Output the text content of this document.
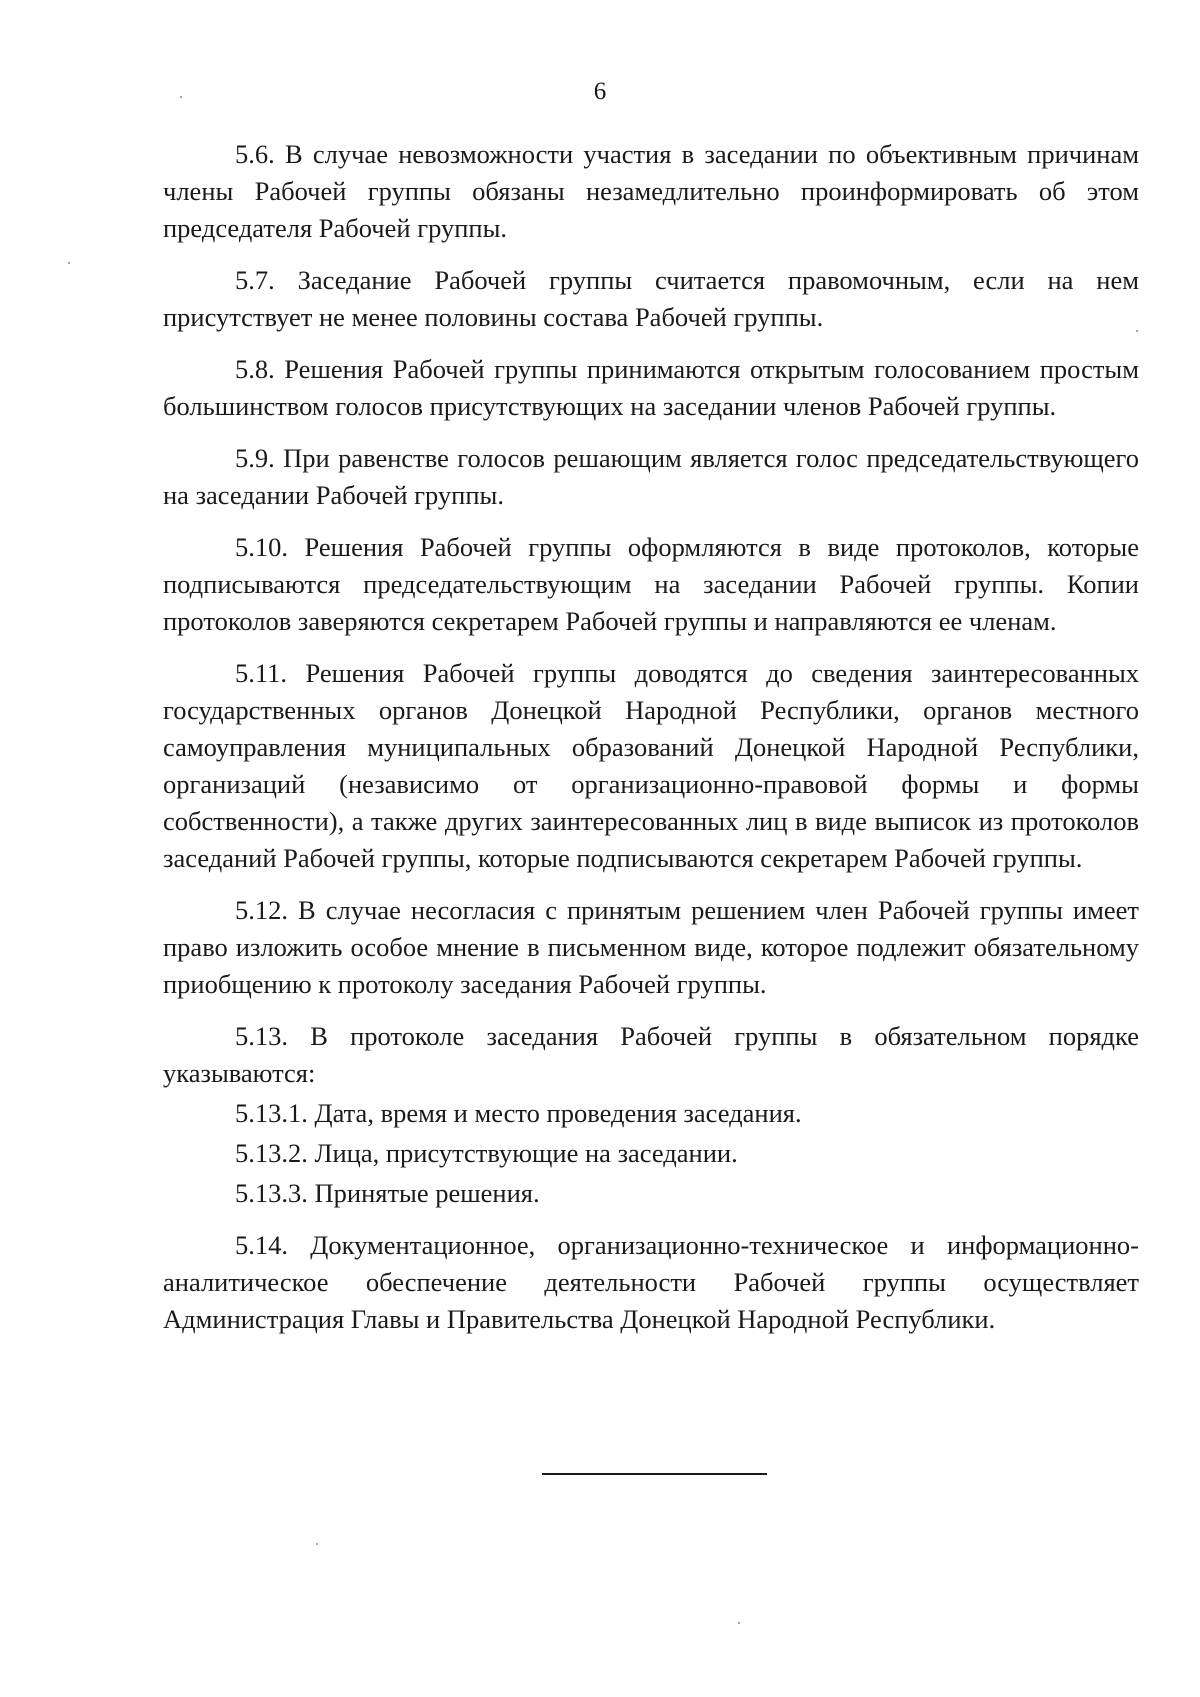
6

5.6. В случае невозможности участия в заседании по объективным причинам члены Рабочей группы обязаны незамедлительно проинформировать об этом председателя Рабочей группы.

5.7. Заседание Рабочей группы считается правомочным, если на нем присутствует не менее половины состава Рабочей группы.

5.8. Решения Рабочей группы принимаются открытым голосованием простым большинством голосов присутствующих на заседании членов Рабочей группы.

5.9. При равенстве голосов решающим является голос председательствующего на заседании Рабочей группы.

5.10. Решения Рабочей группы оформляются в виде протоколов, которые подписываются председательствующим на заседании Рабочей группы. Копии протоколов заверяются секретарем Рабочей группы и направляются ее членам.

5.11. Решения Рабочей группы доводятся до сведения заинтересованных государственных органов Донецкой Народной Республики, органов местного самоуправления муниципальных образований Донецкой Народной Республики, организаций (независимо от организационно-правовой формы и формы собственности), а также других заинтересованных лиц в виде выписок из протоколов заседаний Рабочей группы, которые подписываются секретарем Рабочей группы.

5.12. В случае несогласия с принятым решением член Рабочей группы имеет право изложить особое мнение в письменном виде, которое подлежит обязательному приобщению к протоколу заседания Рабочей группы.

5.13. В протоколе заседания Рабочей группы в обязательном порядке указываются:

5.13.1. Дата, время и место проведения заседания.

5.13.2. Лица, присутствующие на заседании.

5.13.3. Принятые решения.

5.14. Документационное, организационно-техническое и информационно-аналитическое обеспечение деятельности Рабочей группы осуществляет Администрация Главы и Правительства Донецкой Народной Республики.
